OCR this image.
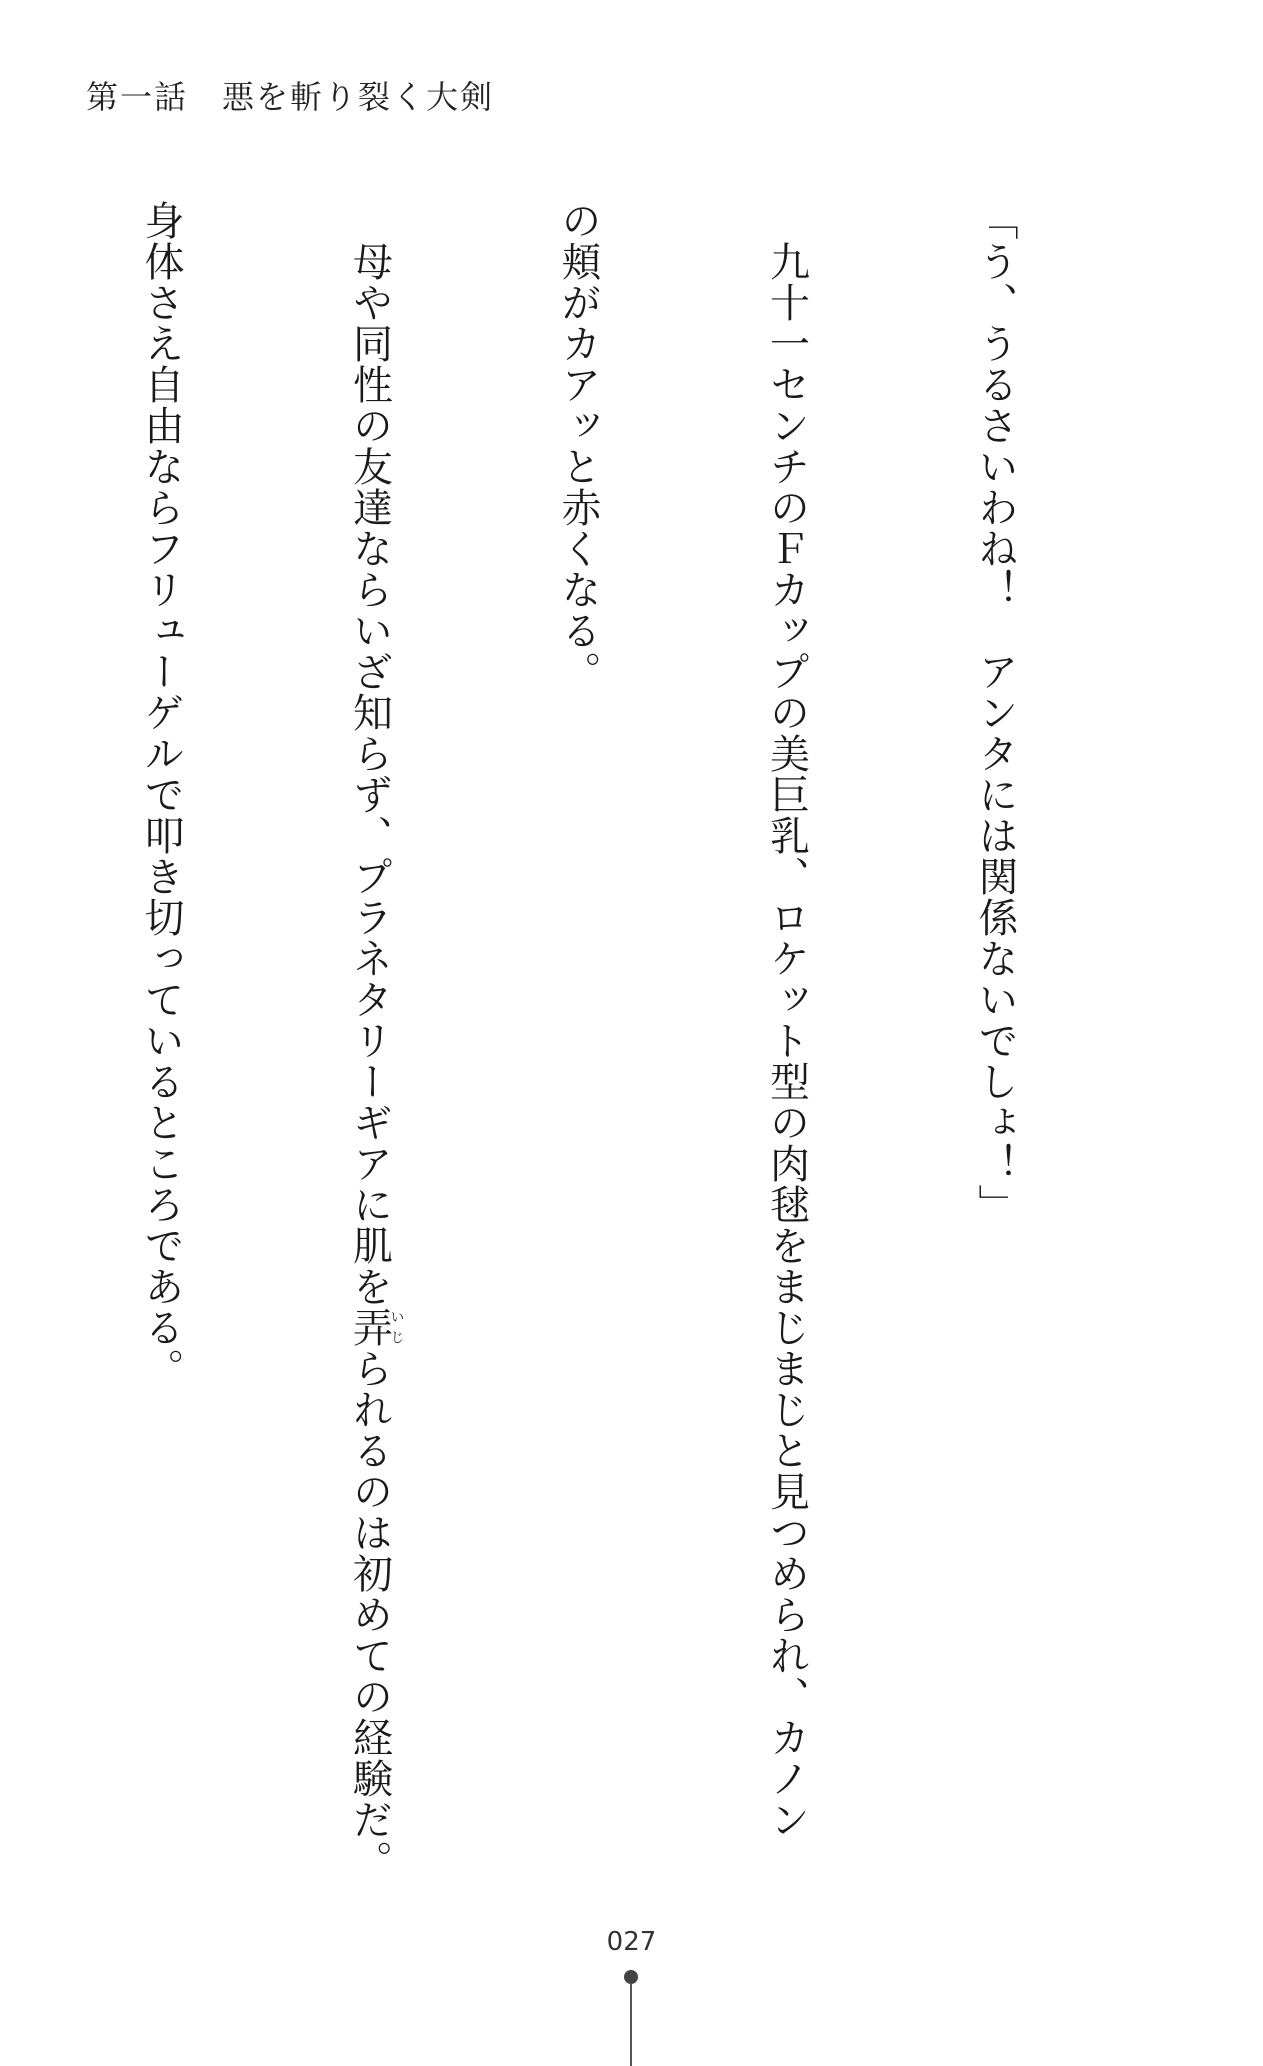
第一話　悪を斬り裂く大剣

「う、うるさいわね！　アンタには関係ないでしょ！」

　九十一センチのＦカップの美巨乳、ロケット型の肉毬をまじまじと見つめられ、カノン

の頬がカアッと赤くなる。

　母や同性の友達ならいざ知らず、プラネタリーギアに肌を弄いじられるのは初めての経験だ。

身体さえ自由ならフリューゲルで叩き切っているところである。

027
